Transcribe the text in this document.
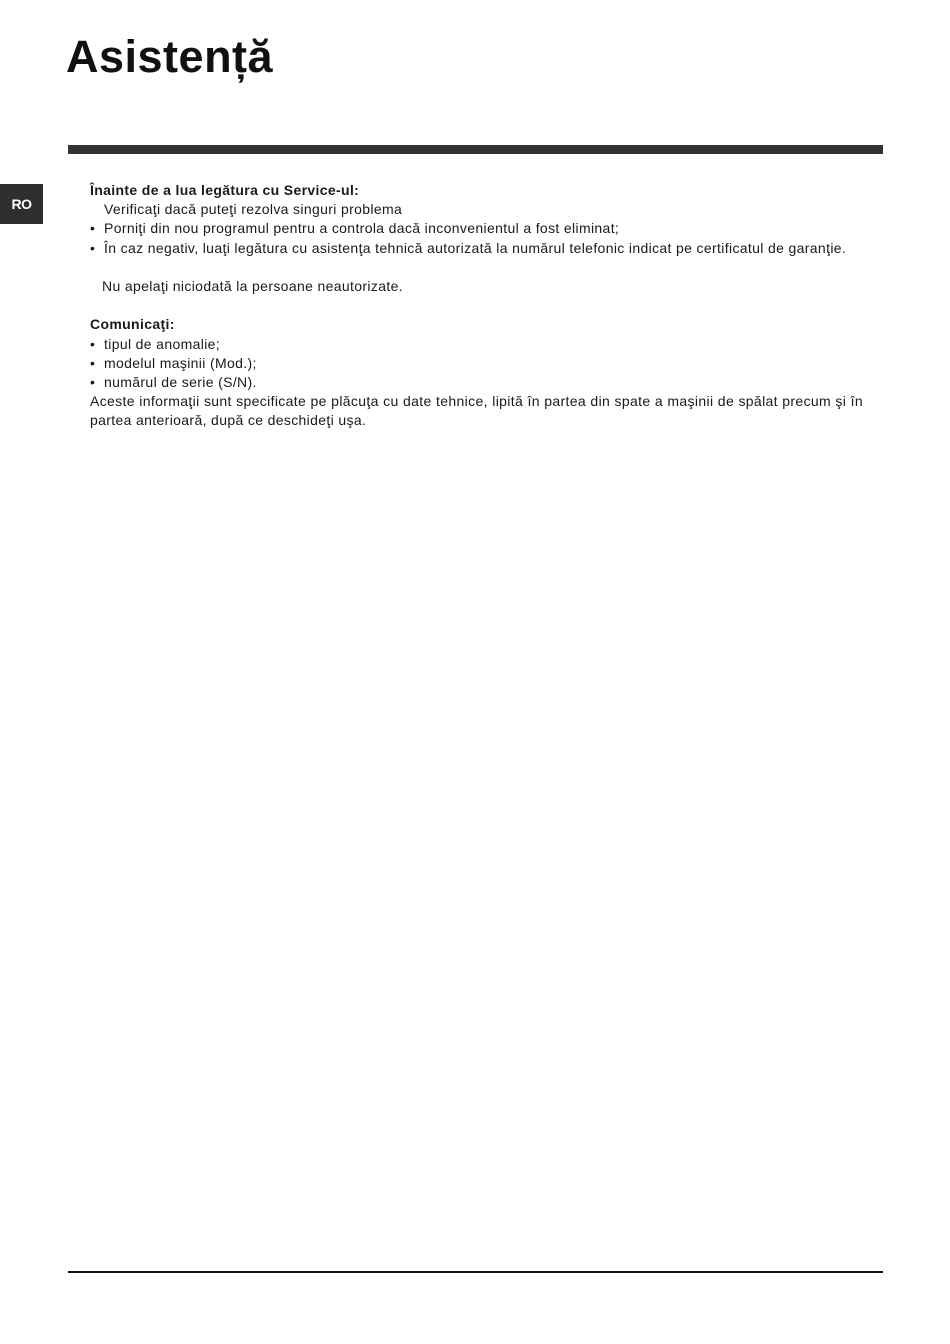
Asistență
RO

Înainte de a lua legătura cu Service-ul:

Verificaţi dacă puteţi rezolva singuri problema

• Porniţi din nou programul pentru a controla dacă inconvenientul a fost eliminat;
• În caz negativ, luaţi legătura cu asistenţa tehnică autorizată la numărul telefonic indicat pe certificatul de garanţie.

Nu apelaţi niciodată la persoane neautorizate.

Comunicaţi:

• tipul de anomalie;
• modelul maşinii (Mod.);
• numărul de serie (S/N).

Aceste informaţii sunt specificate pe plăcuţa cu date tehnice, lipită în partea din spate a maşinii de spălat precum şi în partea anterioară, după ce deschideţi uşa.
